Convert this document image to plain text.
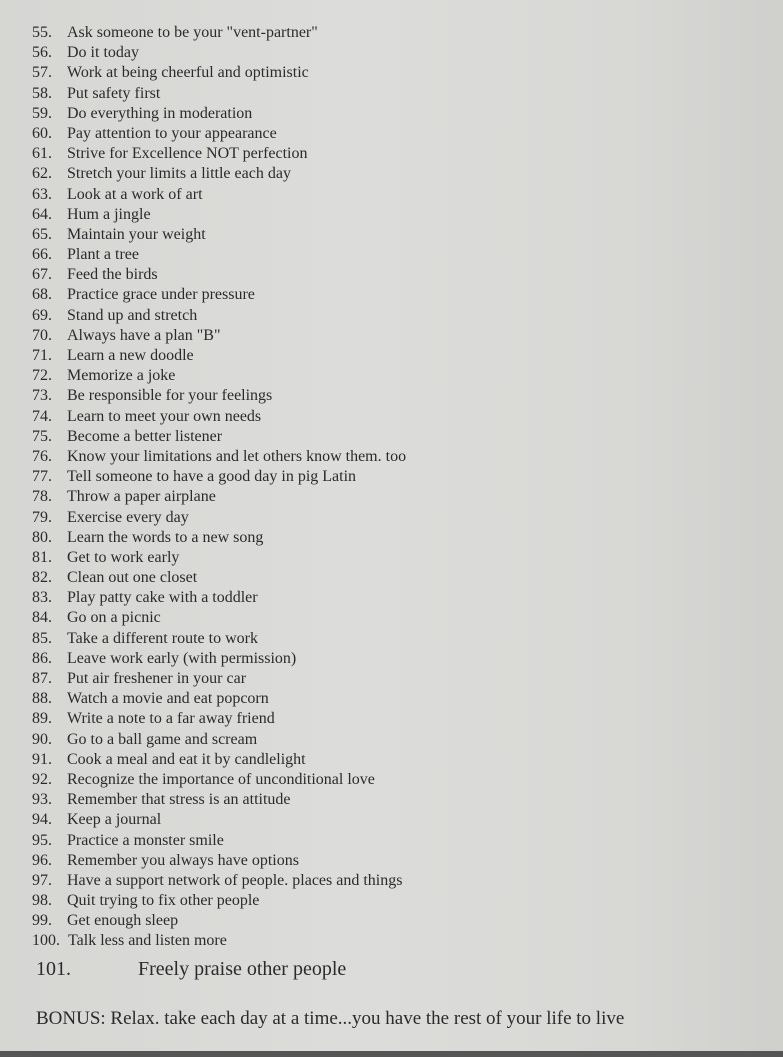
55. Ask someone to be your "vent-partner"
56. Do it today
57. Work at being cheerful and optimistic
58. Put safety first
59. Do everything in moderation
60. Pay attention to your appearance
61. Strive for Excellence NOT perfection
62. Stretch your limits a little each day
63. Look at a work of art
64. Hum a jingle
65. Maintain your weight
66. Plant a tree
67. Feed the birds
68. Practice grace under pressure
69. Stand up and stretch
70. Always have a plan "B"
71. Learn a new doodle
72. Memorize a joke
73. Be responsible for your feelings
74. Learn to meet your own needs
75. Become a better listener
76. Know your limitations and let others know them. too
77. Tell someone to have a good day in pig Latin
78. Throw a paper airplane
79. Exercise every day
80. Learn the words to a new song
81. Get to work early
82. Clean out one closet
83. Play patty cake with a toddler
84. Go on a picnic
85. Take a different route to work
86. Leave work early (with permission)
87. Put air freshener in your car
88. Watch a movie and eat popcorn
89. Write a note to a far away friend
90. Go to a ball game and scream
91. Cook a meal and eat it by candlelight
92. Recognize the importance of unconditional love
93. Remember that stress is an attitude
94. Keep a journal
95. Practice a monster smile
96. Remember you always have options
97. Have a support network of people. places and things
98. Quit trying to fix other people
99. Get enough sleep
100. Talk less and listen more
101.	Freely praise other people
BONUS: Relax. take each day at a time...you have the rest of your life to live
